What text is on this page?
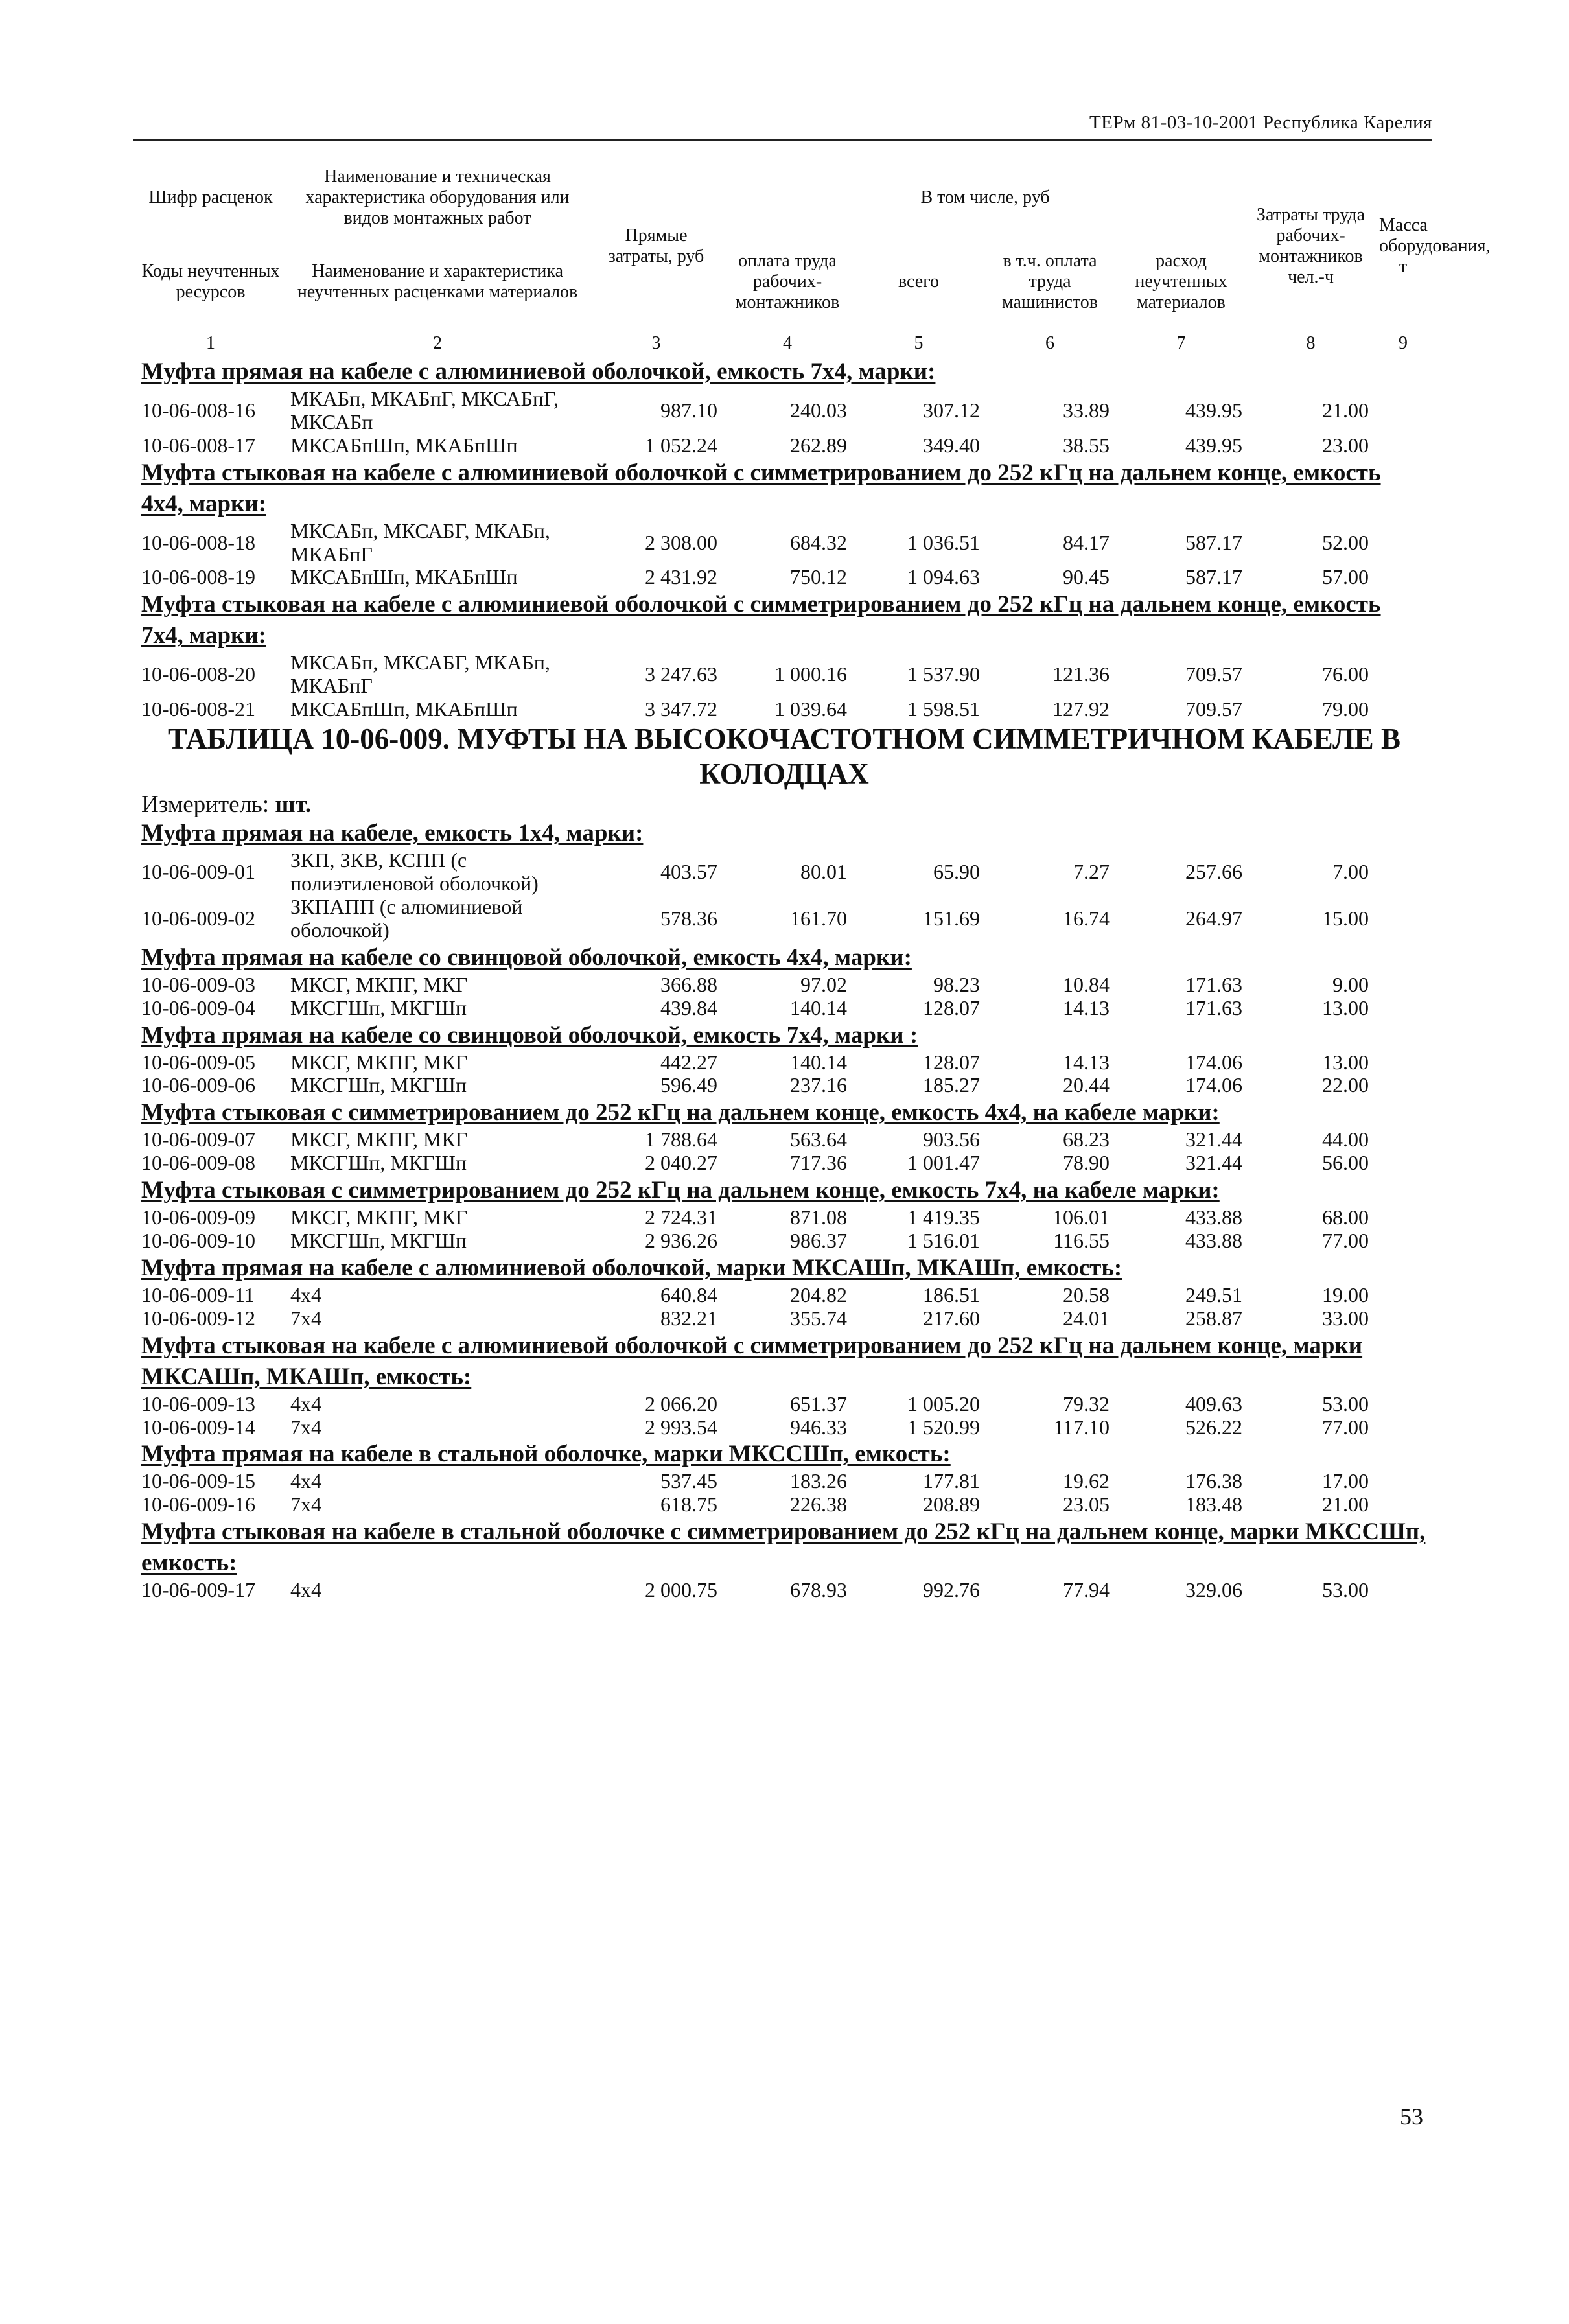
ТЕРм 81-03-10-2001 Республика Карелия
Шифр расценок	Наименование и техническая характеристика оборудования или видов монтажных работ	Прямые затраты, руб	В том числе, руб				Затраты труда рабочих-монтажников чел.-ч	Масса оборудования, т
Коды неучтенных ресурсов	Наименование и характеристика неучтенных расценками материалов		оплата труда рабочих-монтажников	всего	в т.ч. оплата труда машинистов	расход неучтенных материалов		
1	2	3	4	5	6	7	8	9
Муфта прямая на кабеле с алюминиевой оболочкой, емкость 7х4, марки:								
10-06-008-16	МКАБп, МКАБпГ, МКСАБпГ, МКСАБп	987.10	240.03	307.12	33.89	439.95	21.00	
10-06-008-17	МКСАБпШп, МКАБпШп	1 052.24	262.89	349.40	38.55	439.95	23.00	
Муфта стыковая на кабеле с алюминиевой оболочкой с симметрированием до 252 кГц на дальнем конце, емкость 4х4, марки:								
10-06-008-18	МКСАБп, МКСАБГ, МКАБп, МКАБпГ	2 308.00	684.32	1 036.51	84.17	587.17	52.00	
10-06-008-19	МКСАБпШп, МКАБпШп	2 431.92	750.12	1 094.63	90.45	587.17	57.00	
Муфта стыковая на кабеле с алюминиевой оболочкой с симметрированием до 252 кГц на дальнем конце, емкость 7х4, марки:								
10-06-008-20	МКСАБп, МКСАБГ, МКАБп, МКАБпГ	3 247.63	1 000.16	1 537.90	121.36	709.57	76.00	
10-06-008-21	МКСАБпШп, МКАБпШп	3 347.72	1 039.64	1 598.51	127.92	709.57	79.00	
ТАБЛИЦА 10-06-009. МУФТЫ НА ВЫСОКОЧАСТОТНОМ СИММЕТРИЧНОМ КАБЕЛЕ В КОЛОДЦАХ								
Измеритель: шт.								
Муфта прямая на кабеле, емкость 1х4, марки:								
10-06-009-01	ЗКП, ЗКВ, КСПП (с полиэтиленовой оболочкой)	403.57	80.01	65.90	7.27	257.66	7.00	
10-06-009-02	ЗКПАПП (с алюминиевой оболочкой)	578.36	161.70	151.69	16.74	264.97	15.00	
Муфта прямая на кабеле со свинцовой оболочкой, емкость 4х4, марки:								
10-06-009-03	МКСГ, МКПГ, МКГ	366.88	97.02	98.23	10.84	171.63	9.00	
10-06-009-04	МКСГШп, МКГШп	439.84	140.14	128.07	14.13	171.63	13.00	
Муфта прямая на кабеле со свинцовой оболочкой, емкость 7х4, марки :								
10-06-009-05	МКСГ, МКПГ, МКГ	442.27	140.14	128.07	14.13	174.06	13.00	
10-06-009-06	МКСГШп, МКГШп	596.49	237.16	185.27	20.44	174.06	22.00	
Муфта стыковая с симметрированием до 252 кГц на дальнем конце, емкость 4х4, на кабеле марки:								
10-06-009-07	МКСГ, МКПГ, МКГ	1 788.64	563.64	903.56	68.23	321.44	44.00	
10-06-009-08	МКСГШп, МКГШп	2 040.27	717.36	1 001.47	78.90	321.44	56.00	
Муфта стыковая с симметрированием до 252 кГц на дальнем конце, емкость 7х4, на кабеле марки:								
10-06-009-09	МКСГ, МКПГ, МКГ	2 724.31	871.08	1 419.35	106.01	433.88	68.00	
10-06-009-10	МКСГШп, МКГШп	2 936.26	986.37	1 516.01	116.55	433.88	77.00	
Муфта прямая на кабеле с алюминиевой оболочкой, марки МКСАШп, МКАШп, емкость:								
10-06-009-11	4х4	640.84	204.82	186.51	20.58	249.51	19.00	
10-06-009-12	7х4	832.21	355.74	217.60	24.01	258.87	33.00	
Муфта стыковая на кабеле с алюминиевой оболочкой с симметрированием до 252 кГц на дальнем конце, марки МКСАШп, МКАШп, емкость:								
10-06-009-13	4х4	2 066.20	651.37	1 005.20	79.32	409.63	53.00	
10-06-009-14	7х4	2 993.54	946.33	1 520.99	117.10	526.22	77.00	
Муфта прямая на кабеле в стальной оболочке, марки МКССШп, емкость:								
10-06-009-15	4х4	537.45	183.26	177.81	19.62	176.38	17.00	
10-06-009-16	7х4	618.75	226.38	208.89	23.05	183.48	21.00	
Муфта стыковая на кабеле в стальной оболочке с симметрированием до 252 кГц на дальнем конце, марки МКССШп, емкость:								
10-06-009-17	4х4	2 000.75	678.93	992.76	77.94	329.06	53.00	
53
